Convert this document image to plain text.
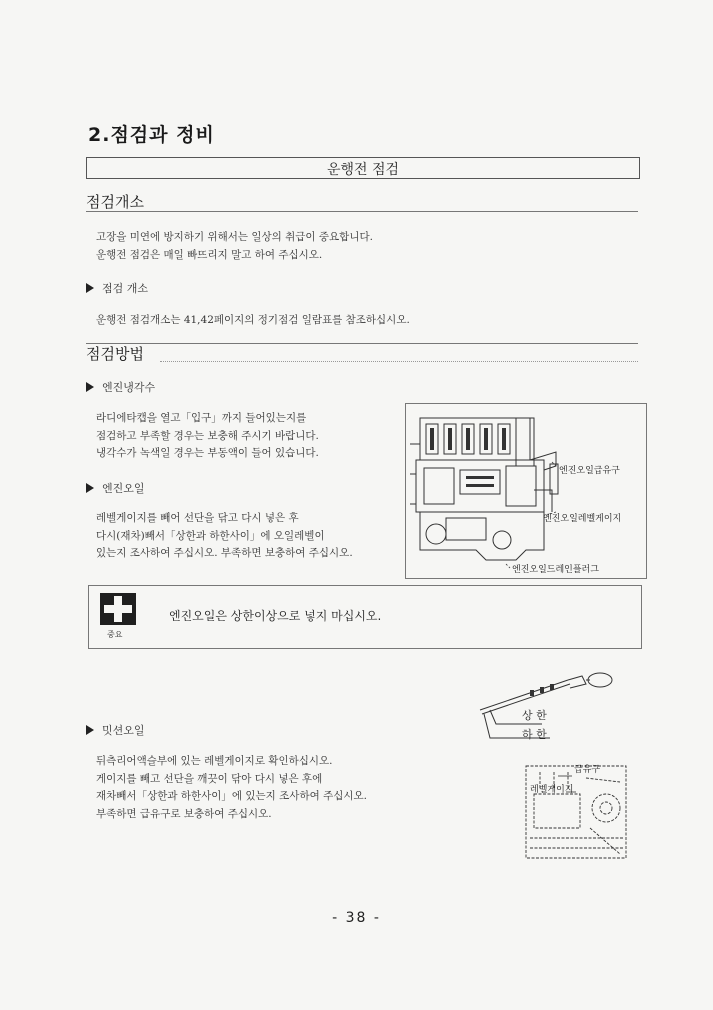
2.점검과 정비
운행전 점검
점검개소
고장을 미연에 방지하기 위해서는 일상의 취급이 중요합니다.
운행전 점검은 매일 빠뜨리지 말고 하여 주십시오.
점검 개소
운행전 점검개소는 41,42페이지의 정기점검 일람표를 참조하십시오.
점검방법
엔진냉각수
라디에타캡을 열고「입구」까지 들어있는지를
점검하고 부족할 경우는 보충해 주시기 바랍니다.
냉각수가 녹색일 경우는 부동액이 들어 있습니다.
엔진오일
레벨게이지를 빼어 선단을 닦고 다시 넣은 후
다시(재차)빼서「상한과 하한사이」에 오일레벨이
있는지 조사하여 주십시오. 부족하면 보충하여 주십시오.
엔진오일급유구
엔진오일레벨게이지
엔진오일드레인플러그
중요
엔진오일은 상한이상으로 넣지 마십시오.
상 한
하 한
밋션오일
뒤측리어액슬부에 있는 레벨게이지로 확인하십시오.
게이지를 빼고 선단을 깨끗이 닦아 다시 넣은 후에
재차빼서「상한과 하한사이」에 있는지 조사하여 주십시오.
부족하면 급유구로 보충하여 주십시오.
급유구
레벨게이지
- 38 -
